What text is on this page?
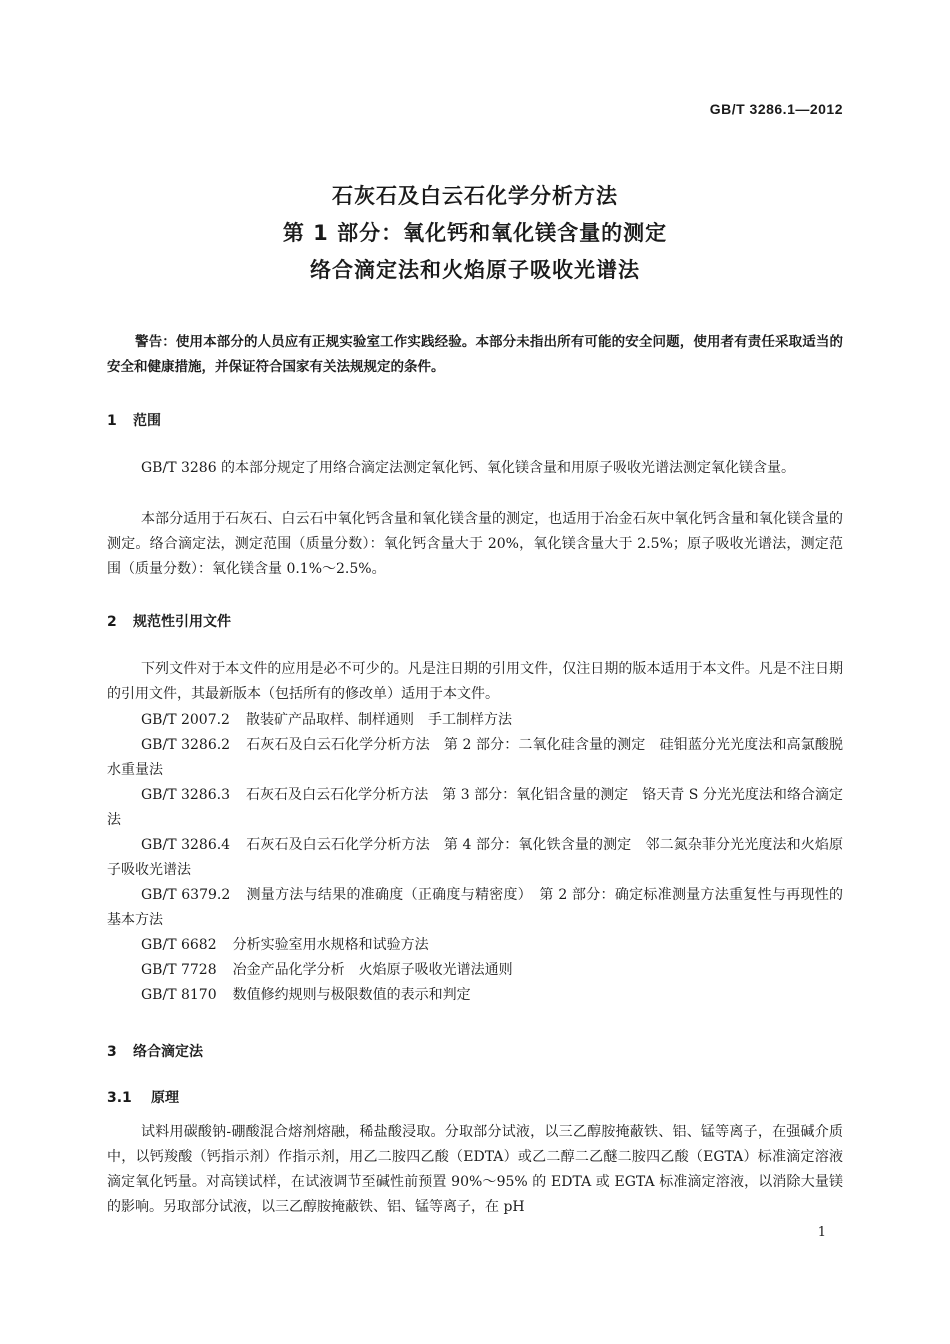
GB/T 3286.1—2012
石灰石及白云石化学分析方法
第 1 部分：氧化钙和氧化镁含量的测定
络合滴定法和火焰原子吸收光谱法
警告：使用本部分的人员应有正规实验室工作实践经验。本部分未指出所有可能的安全问题，使用者有责任采取适当的安全和健康措施，并保证符合国家有关法规规定的条件。
1 范围
GB/T 3286 的本部分规定了用络合滴定法测定氧化钙、氧化镁含量和用原子吸收光谱法测定氧化镁含量。
本部分适用于石灰石、白云石中氧化钙含量和氧化镁含量的测定，也适用于冶金石灰中氧化钙含量和氧化镁含量的测定。络合滴定法，测定范围（质量分数）：氧化钙含量大于 20%，氧化镁含量大于 2.5%；原子吸收光谱法，测定范围（质量分数）：氧化镁含量 0.1%～2.5%。
2 规范性引用文件
下列文件对于本文件的应用是必不可少的。凡是注日期的引用文件，仅注日期的版本适用于本文件。凡是不注日期的引用文件，其最新版本（包括所有的修改单）适用于本文件。
GB/T 2007.2 散装矿产品取样、制样通则　手工制样方法
GB/T 3286.2 石灰石及白云石化学分析方法　第 2 部分：二氧化硅含量的测定　硅钼蓝分光光度法和高氯酸脱水重量法
GB/T 3286.3 石灰石及白云石化学分析方法　第 3 部分：氧化铝含量的测定　铬天青 S 分光光度法和络合滴定法
GB/T 3286.4 石灰石及白云石化学分析方法　第 4 部分：氧化铁含量的测定　邻二氮杂菲分光光度法和火焰原子吸收光谱法
GB/T 6379.2 测量方法与结果的准确度（正确度与精密度）　第 2 部分：确定标准测量方法重复性与再现性的基本方法
GB/T 6682 分析实验室用水规格和试验方法
GB/T 7728 冶金产品化学分析　火焰原子吸收光谱法通则
GB/T 8170 数值修约规则与极限数值的表示和判定
3 络合滴定法
3.1 原理
试料用碳酸钠-硼酸混合熔剂熔融，稀盐酸浸取。分取部分试液，以三乙醇胺掩蔽铁、铝、锰等离子，在强碱介质中，以钙羧酸（钙指示剂）作指示剂，用乙二胺四乙酸（EDTA）或乙二醇二乙醚二胺四乙酸（EGTA）标准滴定溶液滴定氧化钙量。对高镁试样，在试液调节至碱性前预置 90%～95% 的 EDTA 或 EGTA 标准滴定溶液，以消除大量镁的影响。另取部分试液，以三乙醇胺掩蔽铁、铝、锰等离子，在 pH
1
